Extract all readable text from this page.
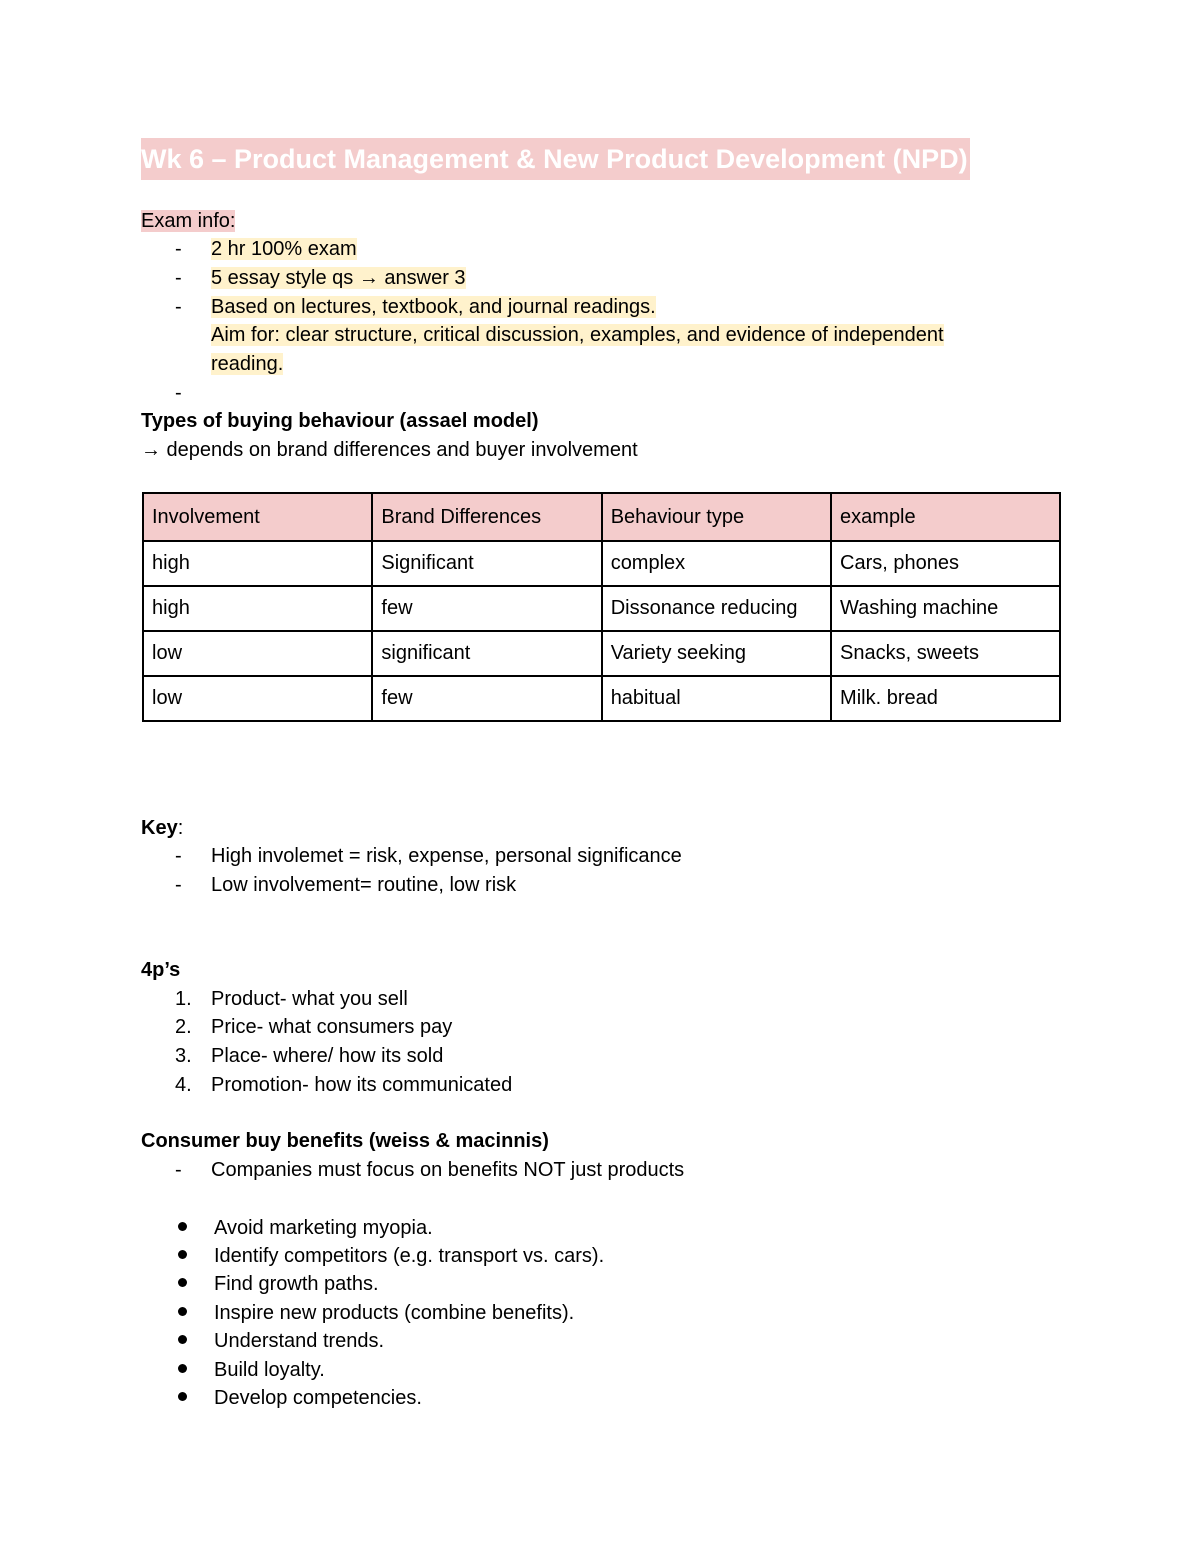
Wk 6 – Product Management & New Product Development (NPD)
Exam info:
- 2 hr 100% exam
- 5 essay style qs → answer 3
- Based on lectures, textbook, and journal readings.
Aim for: clear structure, critical discussion, examples, and evidence of independent
reading.
-
Types of buying behaviour (assael model)
→ depends on brand differences and buyer involvement
Involvement	Brand Differences	Behaviour type	example
high	Significant	complex	Cars, phones
high	few	Dissonance reducing	Washing machine
low	significant	Variety seeking	Snacks, sweets
low	few	habitual	Milk. bread
Key:
- High involemet = risk, expense, personal significance
- Low involvement= routine, low risk
4p’s
1. Product- what you sell
2. Price- what consumers pay
3. Place- where/ how its sold
4. Promotion- how its communicated
Consumer buy benefits (weiss & macinnis)
- Companies must focus on benefits NOT just products
Avoid marketing myopia.
Identify competitors (e.g. transport vs. cars).
Find growth paths.
Inspire new products (combine benefits).
Understand trends.
Build loyalty.
Develop competencies.
